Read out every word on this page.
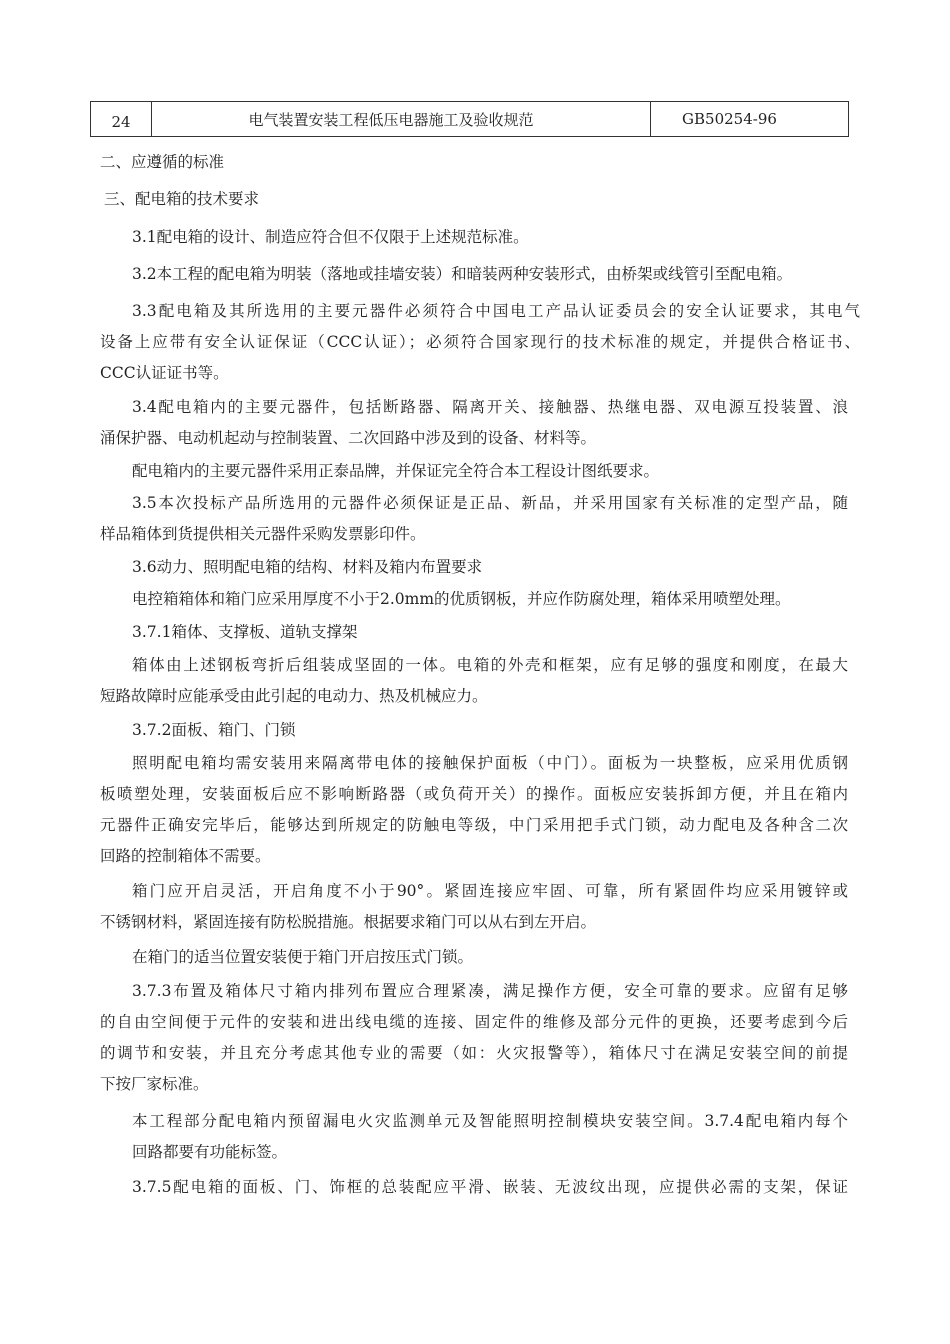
24	电气装置安装工程低压电器施工及验收规范	GB50254-96
二、应遵循的标准
三、配电箱的技术要求
3.1配电箱的设计、制造应符合但不仅限于上述规范标准。
3.2本工程的配电箱为明装（落地或挂墙安装）和暗装两种安装形式，由桥架或线管引至配电箱。
3.3配电箱及其所选用的主要元器件必须符合中国电工产品认证委员会的安全认证要求，其电气
设备上应带有安全认证保证（CCC认证）；必须符合国家现行的技术标准的规定，并提供合格证书、
CCC认证证书等。
3.4配电箱内的主要元器件，包括断路器、隔离开关、接触器、热继电器、双电源互投装置、浪
涌保护器、电动机起动与控制装置、二次回路中涉及到的设备、材料等。
配电箱内的主要元器件采用正泰品牌，并保证完全符合本工程设计图纸要求。
3.5本次投标产品所选用的元器件必须保证是正品、新品，并采用国家有关标准的定型产品，随
样品箱体到货提供相关元器件采购发票影印件。
3.6动力、照明配电箱的结构、材料及箱内布置要求
电控箱箱体和箱门应采用厚度不小于2.0mm的优质钢板，并应作防腐处理，箱体采用喷塑处理。
3.7.1箱体、支撑板、道轨支撑架
箱体由上述钢板弯折后组装成坚固的一体。电箱的外壳和框架，应有足够的强度和刚度，在最大
短路故障时应能承受由此引起的电动力、热及机械应力。
3.7.2面板、箱门、门锁
照明配电箱均需安装用来隔离带电体的接触保护面板（中门）。面板为一块整板，应采用优质钢
板喷塑处理，安装面板后应不影响断路器（或负荷开关）的操作。面板应安装拆卸方便，并且在箱内
元器件正确安完毕后，能够达到所规定的防触电等级，中门采用把手式门锁，动力配电及各种含二次
回路的控制箱体不需要。
箱门应开启灵活，开启角度不小于90°。紧固连接应牢固、可靠，所有紧固件均应采用镀锌或
不锈钢材料，紧固连接有防松脱措施。根据要求箱门可以从右到左开启。
在箱门的适当位置安装便于箱门开启按压式门锁。
3.7.3布置及箱体尺寸箱内排列布置应合理紧凑，满足操作方便，安全可靠的要求。应留有足够
的自由空间便于元件的安装和进出线电缆的连接、固定件的维修及部分元件的更换，还要考虑到今后
的调节和安装，并且充分考虑其他专业的需要（如：火灾报警等），箱体尺寸在满足安装空间的前提
下按厂家标准。
本工程部分配电箱内预留漏电火灾监测单元及智能照明控制模块安装空间。3.7.4配电箱内每个
回路都要有功能标签。
3.7.5配电箱的面板、门、饰框的总装配应平滑、嵌装、无波纹出现，应提供必需的支架，保证
